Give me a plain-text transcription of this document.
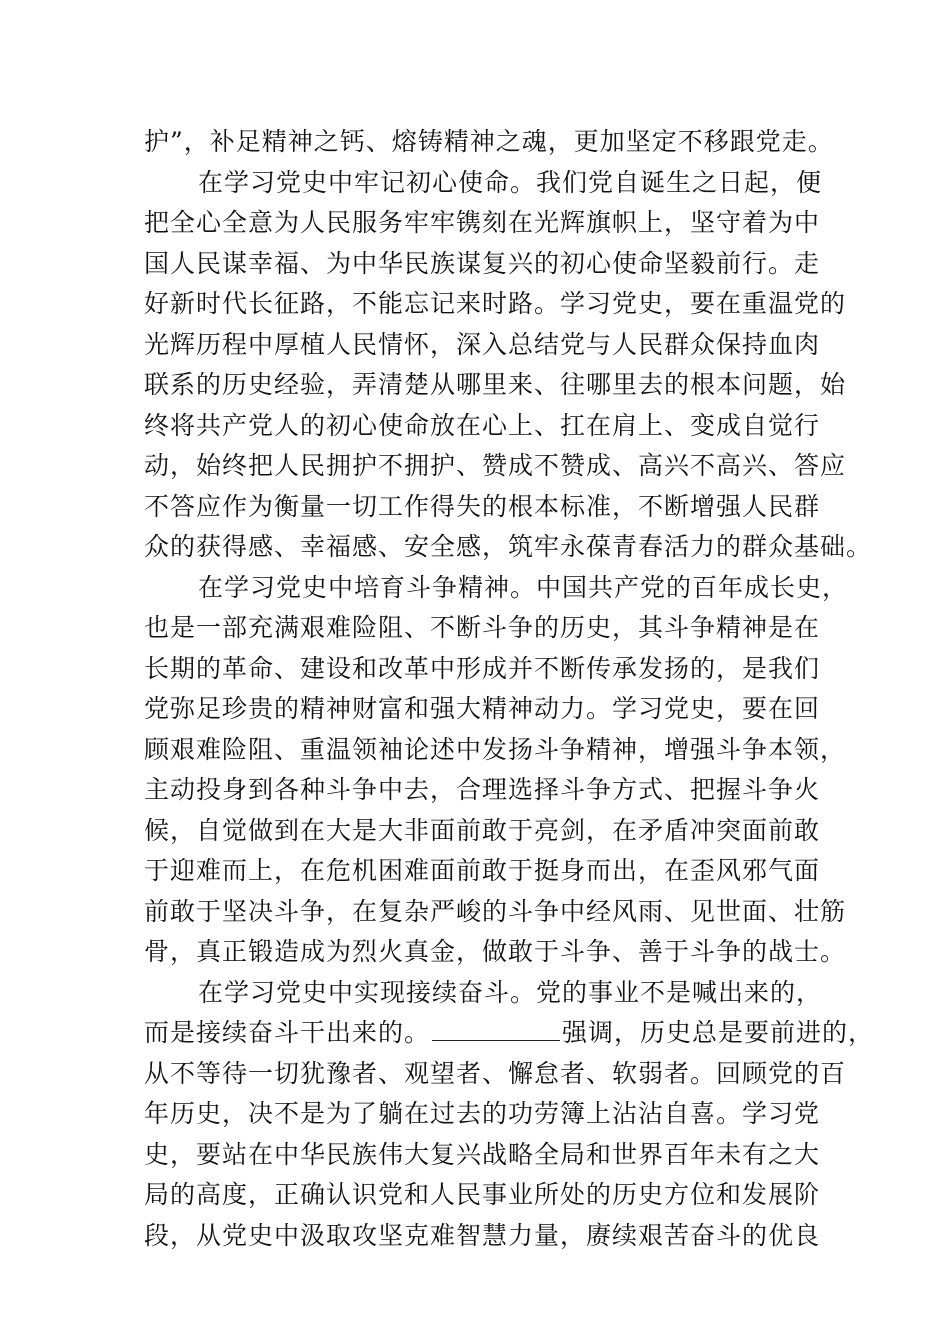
护”，补足精神之钙、熔铸精神之魂，更加坚定不移跟党走。
在学习党史中牢记初心使命。我们党自诞生之日起，便
把全心全意为人民服务牢牢镌刻在光辉旗帜上，坚守着为中
国人民谋幸福、为中华民族谋复兴的初心使命坚毅前行。走
好新时代长征路，不能忘记来时路。学习党史，要在重温党的
光辉历程中厚植人民情怀，深入总结党与人民群众保持血肉
联系的历史经验，弄清楚从哪里来、往哪里去的根本问题，始
终将共产党人的初心使命放在心上、扛在肩上、变成自觉行
动，始终把人民拥护不拥护、赞成不赞成、高兴不高兴、答应
不答应作为衡量一切工作得失的根本标准，不断增强人民群
众的获得感、幸福感、安全感，筑牢永葆青春活力的群众基础。
在学习党史中培育斗争精神。中国共产党的百年成长史，
也是一部充满艰难险阻、不断斗争的历史，其斗争精神是在
长期的革命、建设和改革中形成并不断传承发扬的，是我们
党弥足珍贵的精神财富和强大精神动力。学习党史，要在回
顾艰难险阻、重温领袖论述中发扬斗争精神，增强斗争本领，
主动投身到各种斗争中去，合理选择斗争方式、把握斗争火
候，自觉做到在大是大非面前敢于亮剑，在矛盾冲突面前敢
于迎难而上，在危机困难面前敢于挺身而出，在歪风邪气面
前敢于坚决斗争，在复杂严峻的斗争中经风雨、见世面、壮筋
骨，真正锻造成为烈火真金，做敢于斗争、善于斗争的战士。
在学习党史中实现接续奋斗。党的事业不是喊出来的，
而是接续奋斗干出来的。	强调，历史总是要前进的，
从不等待一切犹豫者、观望者、懈怠者、软弱者。回顾党的百
年历史，决不是为了躺在过去的功劳簿上沾沾自喜。学习党
史，要站在中华民族伟大复兴战略全局和世界百年未有之大
局的高度，正确认识党和人民事业所处的历史方位和发展阶
段，从党史中汲取攻坚克难智慧力量，赓续艰苦奋斗的优良
